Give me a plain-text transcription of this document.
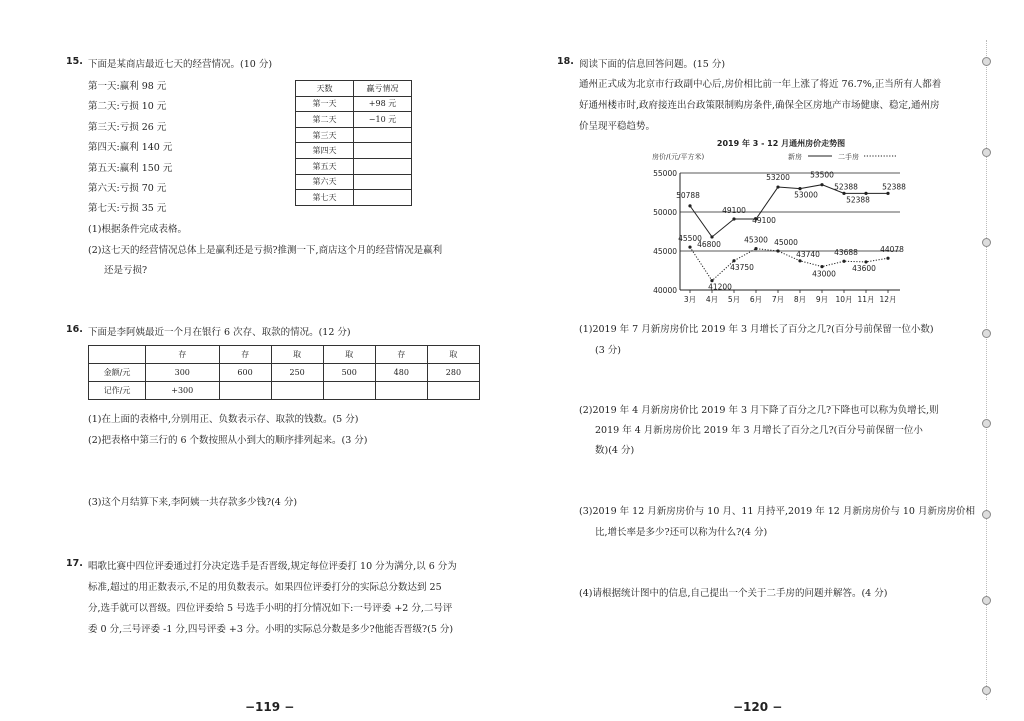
15. 下面是某商店最近七天的经营情况。(10 分)
第一天:赢利 98 元
第二天:亏损 10 元
第三天:亏损 26 元
第四天:赢利 140 元
第五天:赢利 150 元
第六天:亏损 70 元
第七天:亏损 35 元
天数	赢亏情况
第一天	+98 元
第二天	−10 元
第三天	
第四天	
第五天	
第六天	
第七天	
(1)根据条件完成表格。
(2)这七天的经营情况总体上是赢利还是亏损?推测一下,商店这个月的经营情况是赢利
还是亏损?
16. 下面是李阿姨最近一个月在银行 6 次存、取款的情况。(12 分)
	存	存	取	取	存	取
金额/元	300	600	250	500	480	280
记作/元	+300					
(1)在上面的表格中,分别用正、负数表示存、取款的钱数。(5 分)
(2)把表格中第三行的 6 个数按照从小到大的顺序排列起来。(3 分)
(3)这个月结算下来,李阿姨一共存款多少钱?(4 分)
17. 唱歌比赛中四位评委通过打分决定选手是否晋级,规定每位评委打 10 分为满分,以 6 分为
标准,超过的用正数表示,不足的用负数表示。如果四位评委打分的实际总分数达到 25
分,选手就可以晋级。四位评委给 5 号选手小明的打分情况如下:一号评委 +2 分,二号评
委 0 分,三号评委 -1 分,四号评委 +3 分。小明的实际总分数是多少?他能否晋级?(5 分)
−119 −
18. 阅读下面的信息回答问题。(15 分)
通州正式成为北京市行政副中心后,房价相比前一年上涨了将近 76.7%,正当所有人都着
好通州楼市时,政府接连出台政策限制购房条件,确保全区房地产市场健康、稳定,通州房
价呈现平稳趋势。
2019 年 3 - 12 月通州房价走势图
房价/(元/平方米)	新房	二手房
40000
45000
50000
55000
3月 4月 5月 6月 7月 8月 9月 10月 11月 12月
50788
46800
49100
49100
53200
53000
53500
52388
52388
52388
45500
41200
43750
45300 45000
43740
43000
43688
43600
44078
(1)2019 年 7 月新房房价比 2019 年 3 月增长了百分之几?(百分号前保留一位小数)
(3 分)
(2)2019 年 4 月新房房价比 2019 年 3 月下降了百分之几?下降也可以称为负增长,则
2019 年 4 月新房房价比 2019 年 3 月增长了百分之几?(百分号前保留一位小
数)(4 分)
(3)2019 年 12 月新房房价与 10 月、11 月持平,2019 年 12 月新房房价与 10 月新房房价相
比,增长率是多少?还可以称为什么?(4 分)
(4)请根据统计图中的信息,自己提出一个关于二手房的问题并解答。(4 分)
−120 −
